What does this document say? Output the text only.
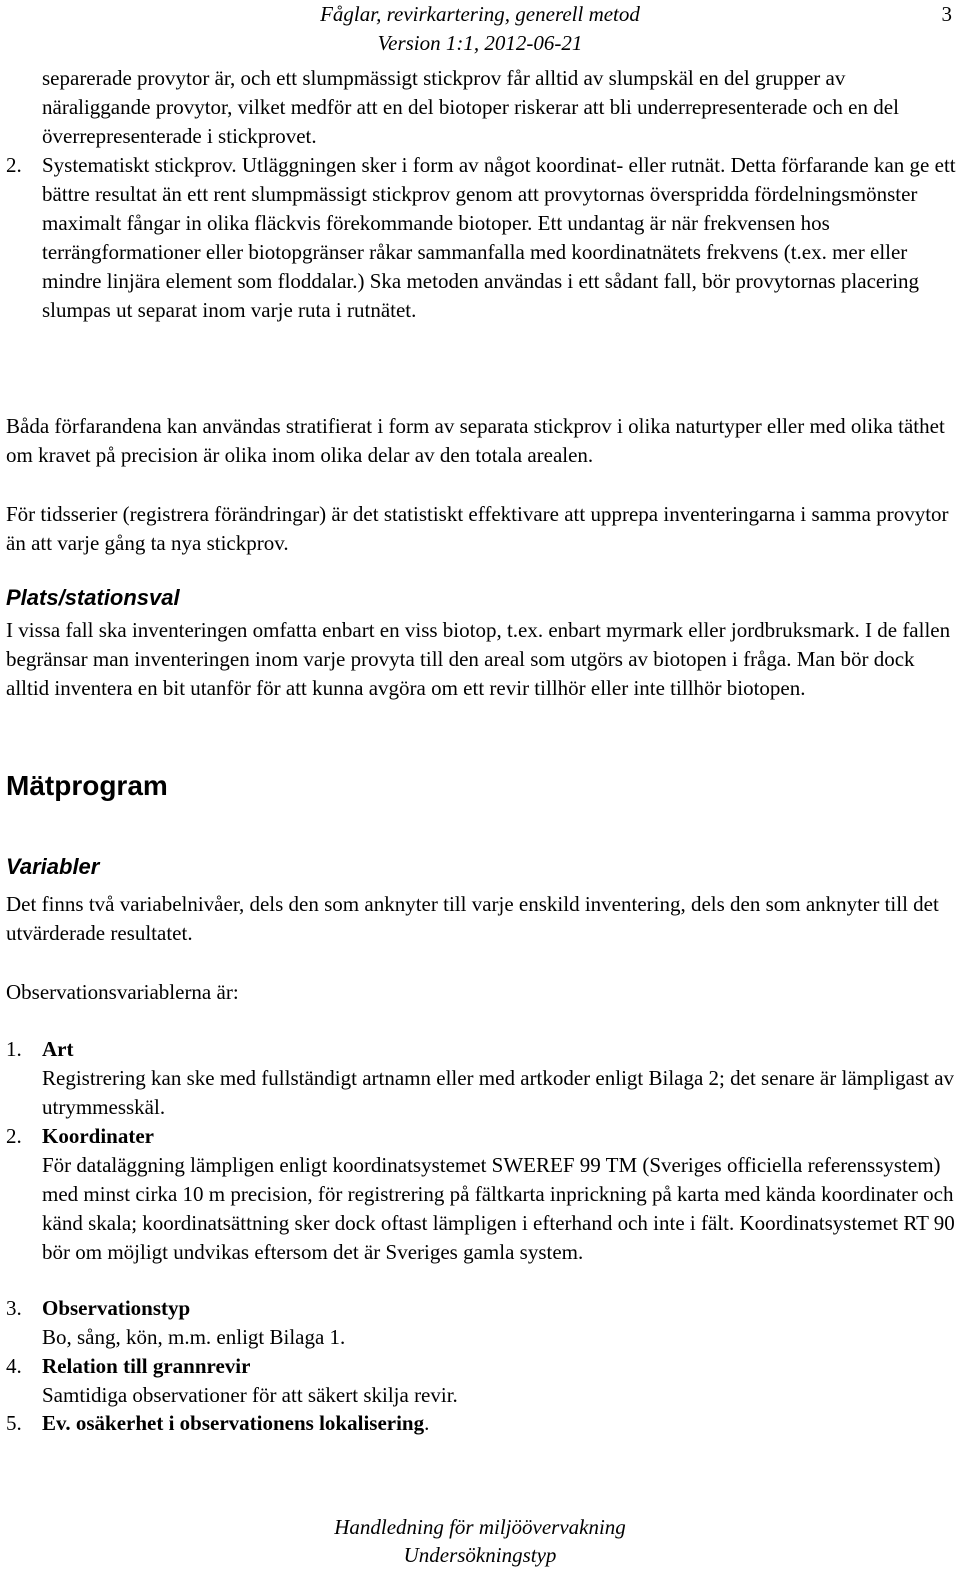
Fåglar, revirkartering, generell metod
Version 1:1, 2012-06-21
3

separerade provytor är, och ett slumpmässigt stickprov får alltid av slumpskäl en del grupper av näraliggande provytor, vilket medför att en del biotoper riskerar att bli underrepresenterade och en del överrepresenterade i stickprovet.

2. Systematiskt stickprov. Utläggningen sker i form av något koordinat- eller rutnät. Detta förfarande kan ge ett bättre resultat än ett rent slumpmässigt stickprov genom att provytornas överspridda fördelningsmönster maximalt fångar in olika fläckvis förekommande biotoper. Ett undantag är när frekvensen hos terrängformationer eller biotopgränser råkar sammanfalla med koordinatnätets frekvens (t.ex. mer eller mindre linjära element som floddalar.) Ska metoden användas i ett sådant fall, bör provytornas placering slumpas ut separat inom varje ruta i rutnätet.

Båda förfarandena kan användas stratifierat i form av separata stickprov i olika naturtyper eller med olika täthet om kravet på precision är olika inom olika delar av den totala arealen.

För tidsserier (registrera förändringar) är det statistiskt effektivare att upprepa inventeringarna i samma provytor än att varje gång ta nya stickprov.

Plats/stationsval

I vissa fall ska inventeringen omfatta enbart en viss biotop, t.ex. enbart myrmark eller jordbruksmark. I de fallen begränsar man inventeringen inom varje provyta till den areal som utgörs av biotopen i fråga. Man bör dock alltid inventera en bit utanför för att kunna avgöra om ett revir tillhör eller inte tillhör biotopen.

Mätprogram
Variabler

Det finns två variabelnivåer, dels den som anknyter till varje enskild inventering, dels den som anknyter till det utvärderade resultatet.

Observationsvariablerna är:

1. Art
Registrering kan ske med fullständigt artnamn eller med artkoder enligt Bilaga 2; det senare är lämpligast av utrymmesskäl.
2. Koordinater
För dataläggning lämpligen enligt koordinatsystemet SWEREF 99 TM (Sveriges officiella referenssystem) med minst cirka 10 m precision, för registrering på fältkarta inprickning på karta med kända koordinater och känd skala; koordinatsättning sker dock oftast lämpligen i efterhand och inte i fält. Koordinatsystemet RT 90 bör om möjligt undvikas eftersom det är Sveriges gamla system.
3. Observationstyp
Bo, sång, kön, m.m. enligt Bilaga 1.
4. Relation till grannrevir
Samtidiga observationer för att säkert skilja revir.
5. Ev. osäkerhet i observationens lokalisering.
Handledning för miljöövervakning
Undersökningstyp
